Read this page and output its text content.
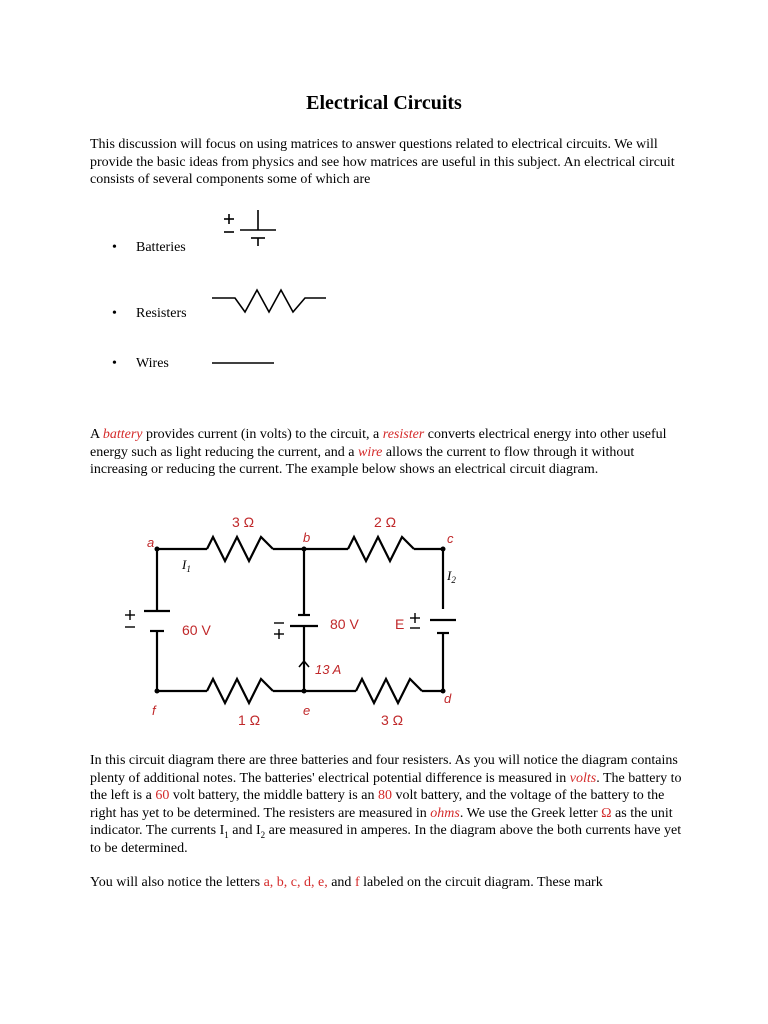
Electrical Circuits
This discussion will focus on using matrices to answer questions related to electrical circuits. We will provide the basic ideas from physics and see how matrices are useful in this subject. An electrical circuit consists of several components some of which are
• Batteries
• Resisters
• Wires
A battery provides current (in volts) to the circuit, a resister converts electrical energy into other useful energy such as light reducing the current, and a wire allows the current to flow through it without increasing or reducing the current. The example below shows an electrical circuit diagram.
3 Ω	2 Ω
1 Ω	3 Ω
60 V	80 V	E
13 A
a	b	c
d
e
f
$I_1$	$I_2$
In this circuit diagram there are three batteries and four resisters. As you will notice the diagram contains plenty of additional notes. The batteries' electrical potential difference is measured in volts. The battery to the left is a 60 volt battery, the middle battery is an 80 volt battery, and the voltage of the battery to the right has yet to be determined. The resisters are measured in ohms. We use the Greek letter Ω as the unit indicator. The currents $I_1$ and $I_2$ are measured in amperes. In the diagram above the both currents have yet to be determined.
You will also notice the letters a, b, c, d, e, and f labeled on the circuit diagram. These mark
